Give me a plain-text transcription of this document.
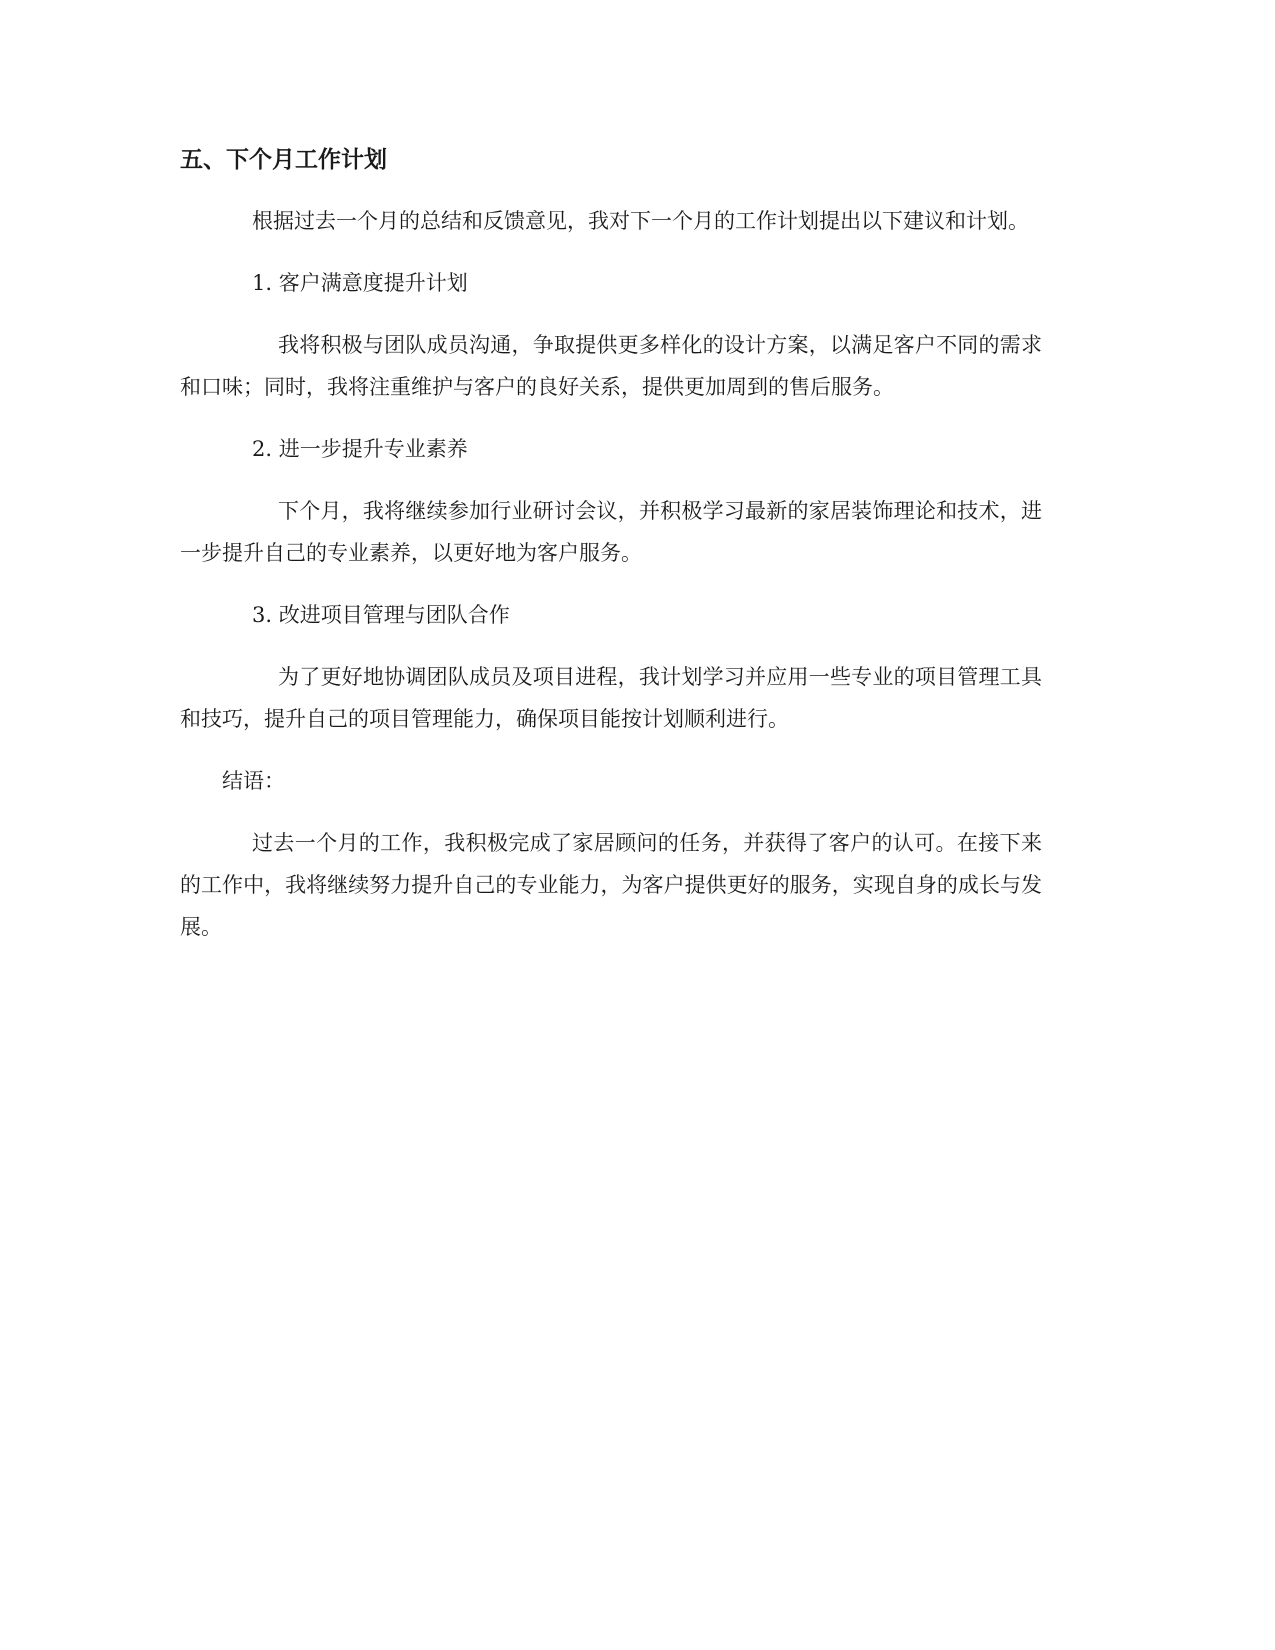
五、下个月工作计划

根据过去一个月的总结和反馈意见，我对下一个月的工作计划提出以下建议和计划。

1. 客户满意度提升计划

我将积极与团队成员沟通，争取提供更多样化的设计方案，以满足客户不同的需求和口味；同时，我将注重维护与客户的良好关系，提供更加周到的售后服务。

2. 进一步提升专业素养

下个月，我将继续参加行业研讨会议，并积极学习最新的家居装饰理论和技术，进一步提升自己的专业素养，以更好地为客户服务。

3. 改进项目管理与团队合作

为了更好地协调团队成员及项目进程，我计划学习并应用一些专业的项目管理工具和技巧，提升自己的项目管理能力，确保项目能按计划顺利进行。

结语：

过去一个月的工作，我积极完成了家居顾问的任务，并获得了客户的认可。在接下来的工作中，我将继续努力提升自己的专业能力，为客户提供更好的服务，实现自身的成长与发展。
